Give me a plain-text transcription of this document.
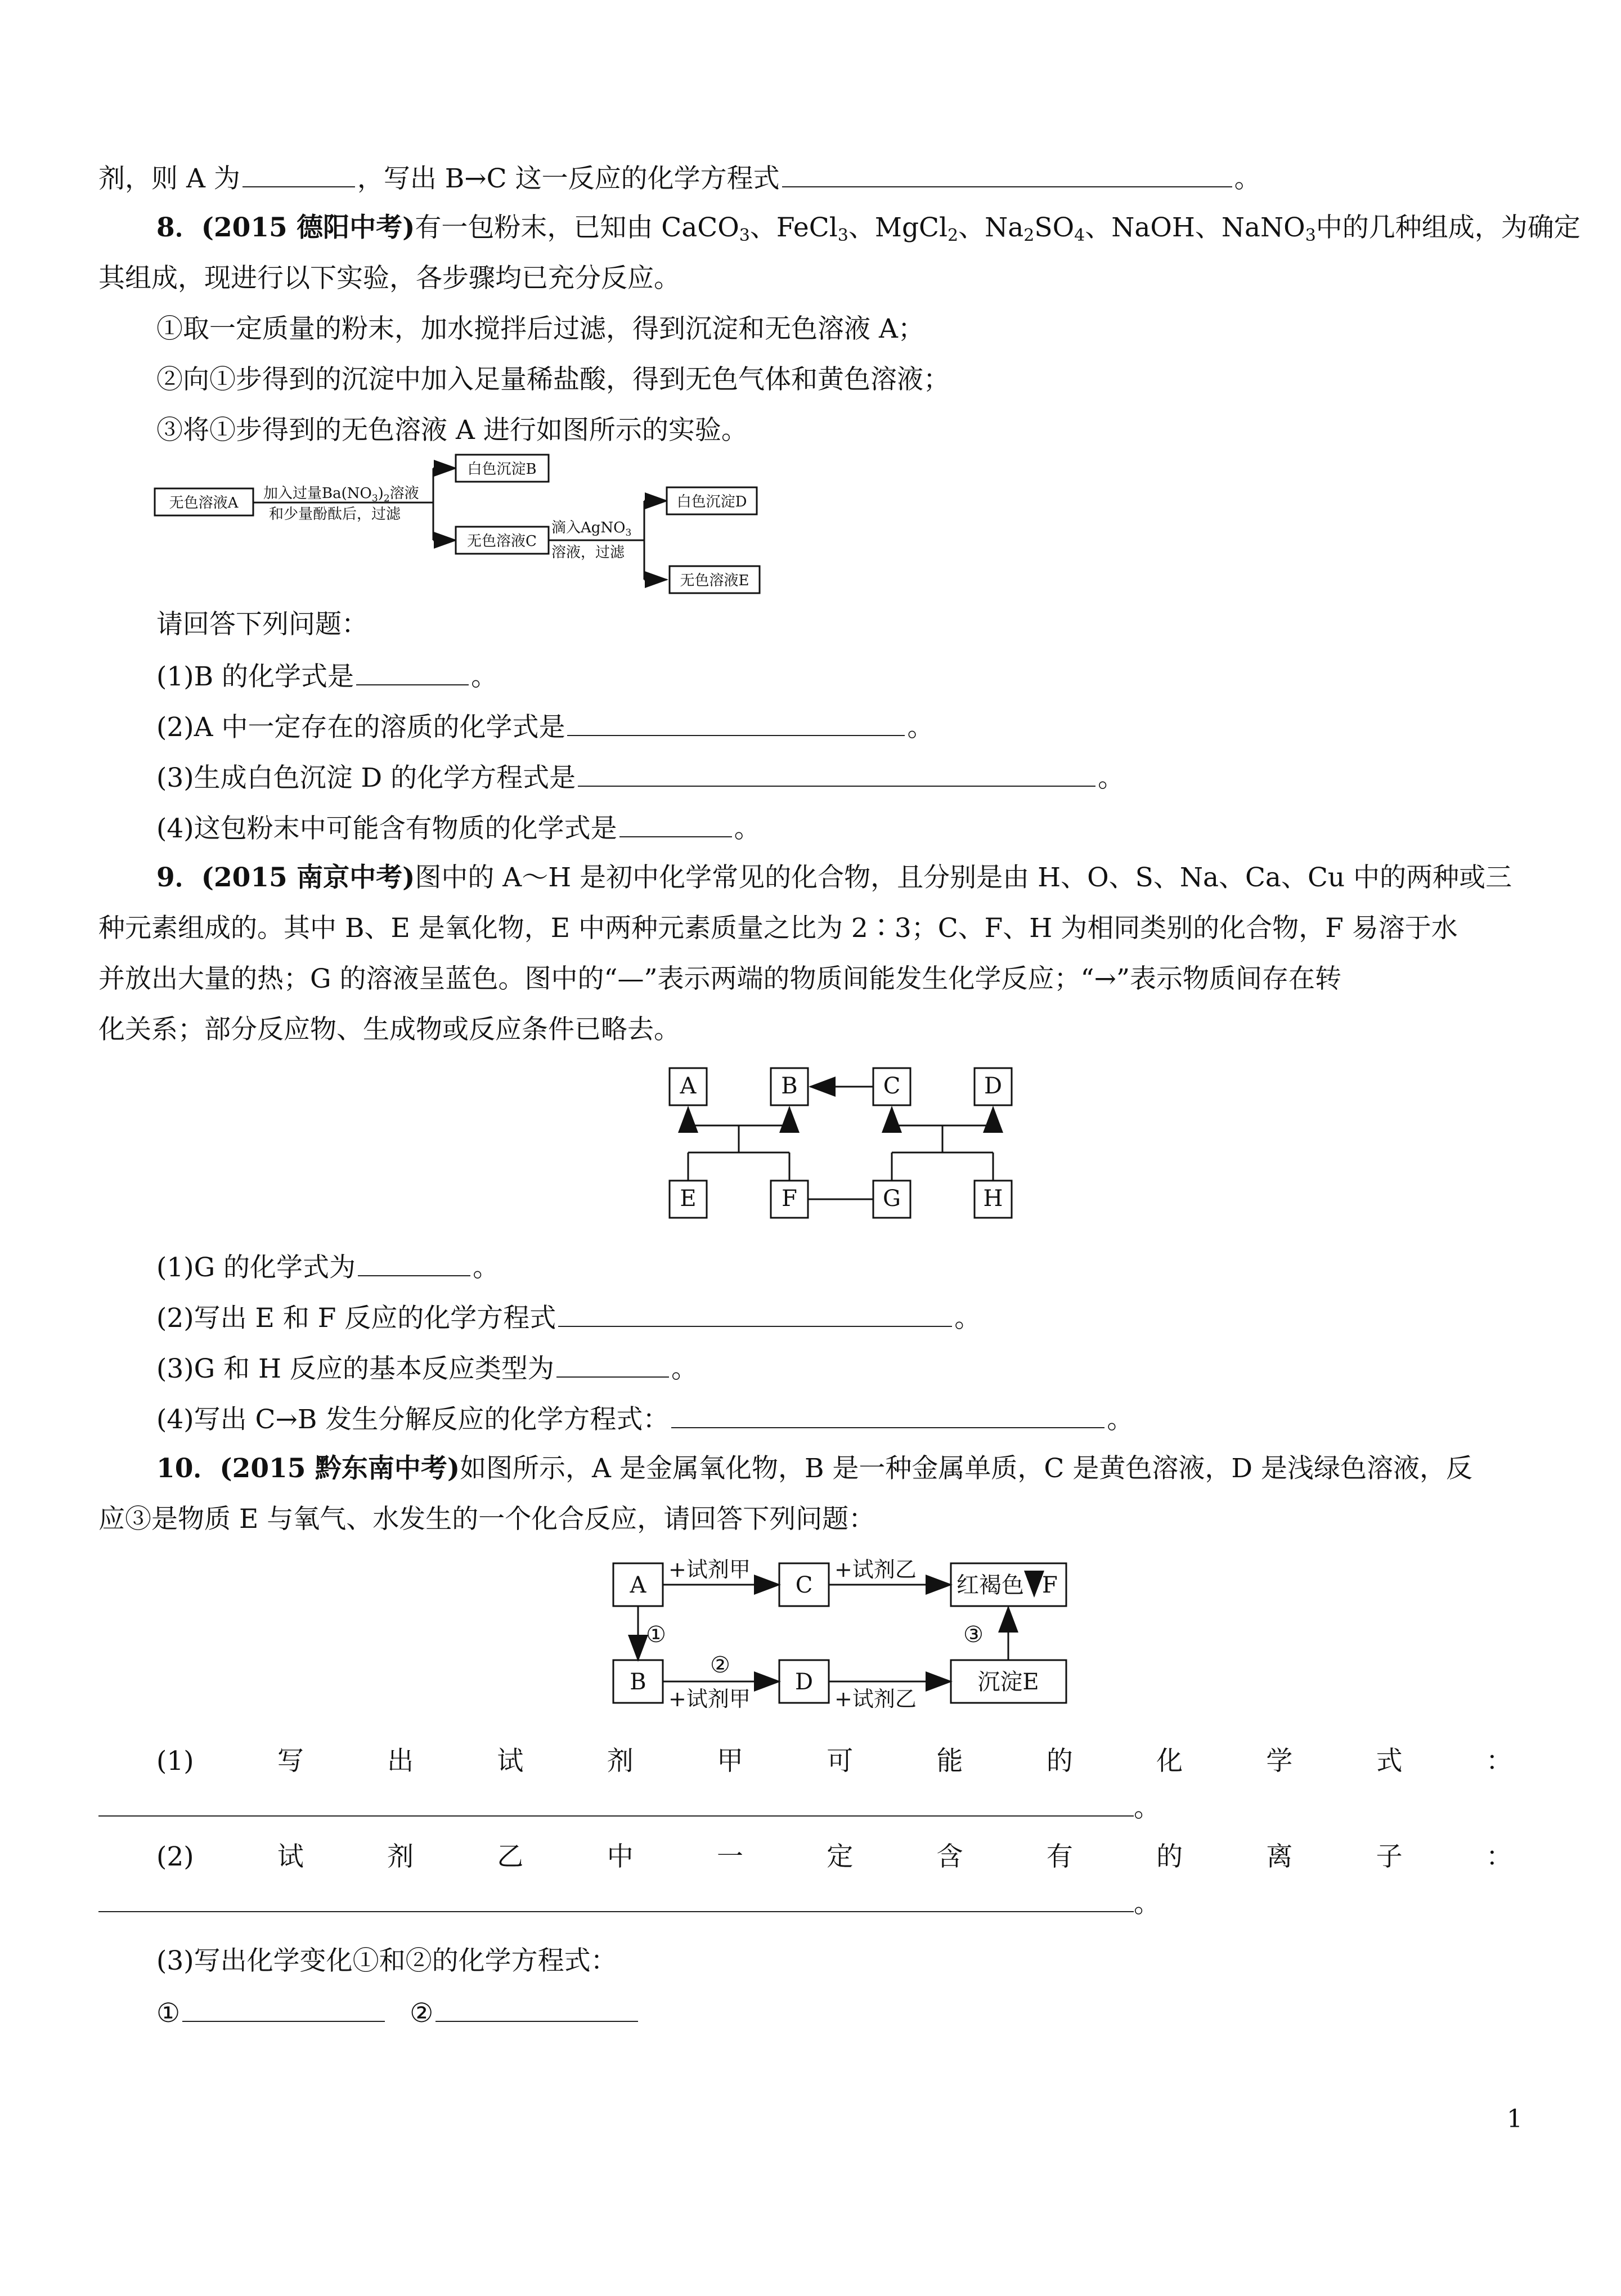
剂，则 A 为	，写出 B→C 这一反应的化学方程式	。
8．(2015 德阳中考)有一包粉末，已知由 CaCO$_3$、FeCl$_3$、MgCl$_2$、$Na_2SO_4$、NaOH、NaNO$_3$中的几种组成，为确定
其组成，现进行以下实验，各步骤均已充分反应。
①取一定质量的粉末，加水搅拌后过滤，得到沉淀和无色溶液 A；
②向①步得到的沉淀中加入足量稀盐酸，得到无色气体和黄色溶液；
③将①步得到的无色溶液 A 进行如图所示的实验。
无色溶液A
加入过量$Ba(NO_3)_2$溶液
和少量酚酞后，过滤
白色沉淀B
无色溶液C
滴入AgNO$_3$
溶液，过滤
白色沉淀D
无色溶液E
请回答下列问题：
(1)B 的化学式是	。
(2)A 中一定存在的溶质的化学式是	。
(3)生成白色沉淀 D 的化学方程式是	。
(4)这包粉末中可能含有物质的化学式是	。
9．(2015 南京中考)图中的 A～H 是初中化学常见的化合物，且分别是由 H、O、S、Na、Ca、Cu 中的两种或三
种元素组成的。其中 B、E 是氧化物，E 中两种元素质量之比为 2∶3；C、F、H 为相同类别的化合物，F 易溶于水
并放出大量的热；G 的溶液呈蓝色。图中的“—”表示两端的物质间能发生化学反应；“→”表示物质间存在转
化关系；部分反应物、生成物或反应条件已略去。
A	B	C	D
E	F	G	H
(1)G 的化学式为	。
(2)写出 E 和 F 反应的化学方程式	。
(3)G 和 H 反应的基本反应类型为	。
(4)写出 C→B 发生分解反应的化学方程式：	。
10．(2015 黔东南中考)如图所示，A 是金属氧化物，B 是一种金属单质，C 是黄色溶液，D 是浅绿色溶液，反
应③是物质 E 与氧气、水发生的一个化合反应，请回答下列问题：
A	C	红褐色 F
B	D	沉淀E
+试剂甲	+试剂乙
①
②
+试剂甲	+试剂乙
③
(1)	写	出	试	剂	甲	可	能	的	化	学	式	：
。
(2)	试	剂	乙	中	一	定	含	有	的	离	子	：
。
(3)写出化学变化①和②的化学方程式：
①	②
1
